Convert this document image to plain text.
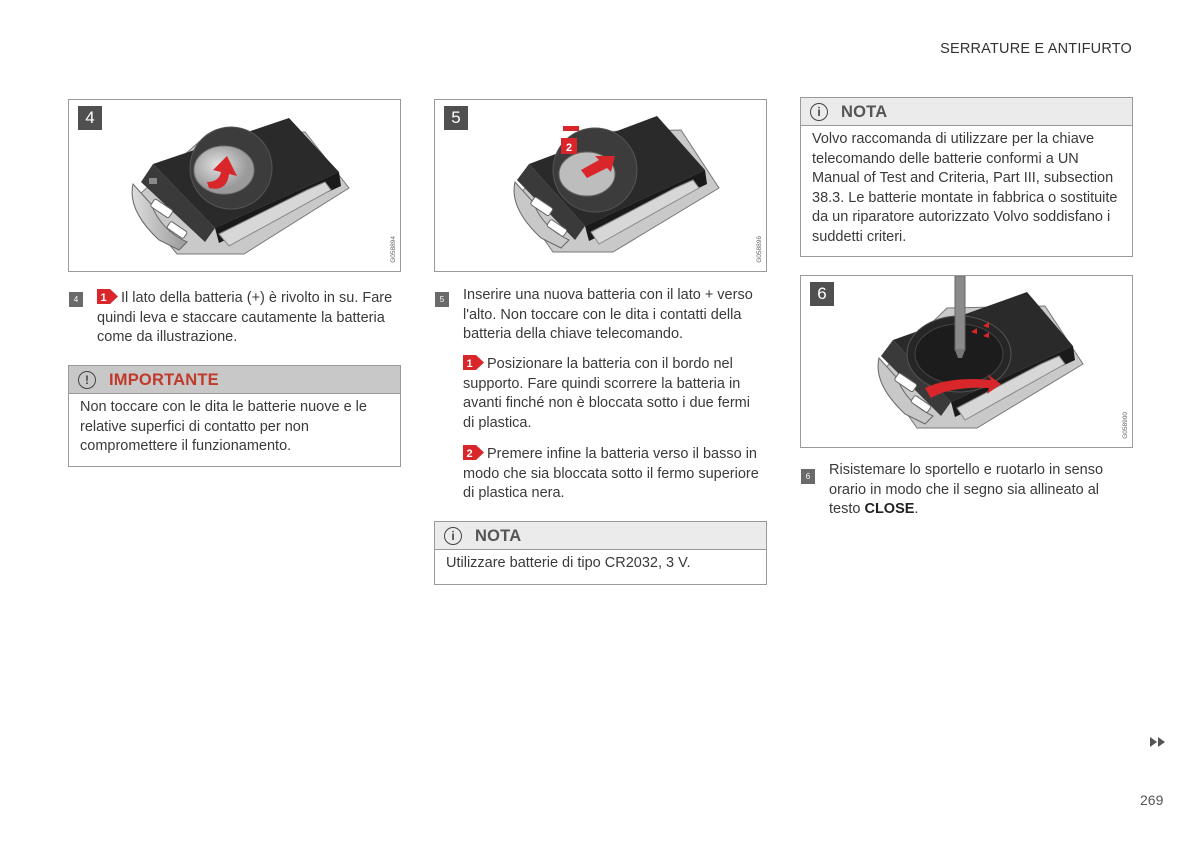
SERRATURE E ANTIFURTO
4
G058894
2
5
G058896
6
G058900
4	1 Il lato della batteria (+) è rivolto in su. Fare quindi leva e staccare cautamente la batteria come da illustrazione.
!	IMPORTANTE
Non toccare con le dita le batterie nuove e le relative superfici di contatto per non compromettere il funzionamento.
5	Inserire una nuova batteria con il lato + verso l'alto. Non toccare con le dita i contatti della batteria della chiave telecomando.
1 Posizionare la batteria con il bordo nel supporto. Fare quindi scorrere la batteria in avanti finché non è bloccata sotto i due fermi di plastica.
2 Premere infine la batteria verso il basso in modo che sia bloccata sotto il fermo superiore di plastica nera.
i	NOTA
Utilizzare batterie di tipo CR2032, 3 V.
i	NOTA
Volvo raccomanda di utilizzare per la chiave telecomando delle batterie conformi a UN Manual of Test and Criteria, Part III, subsection 38.3. Le batterie montate in fabbrica o sostituite da un riparatore autorizzato Volvo soddisfano i suddetti criteri.
6	Risistemare lo sportello e ruotarlo in senso orario in modo che il segno sia allineato al testo CLOSE.
269
